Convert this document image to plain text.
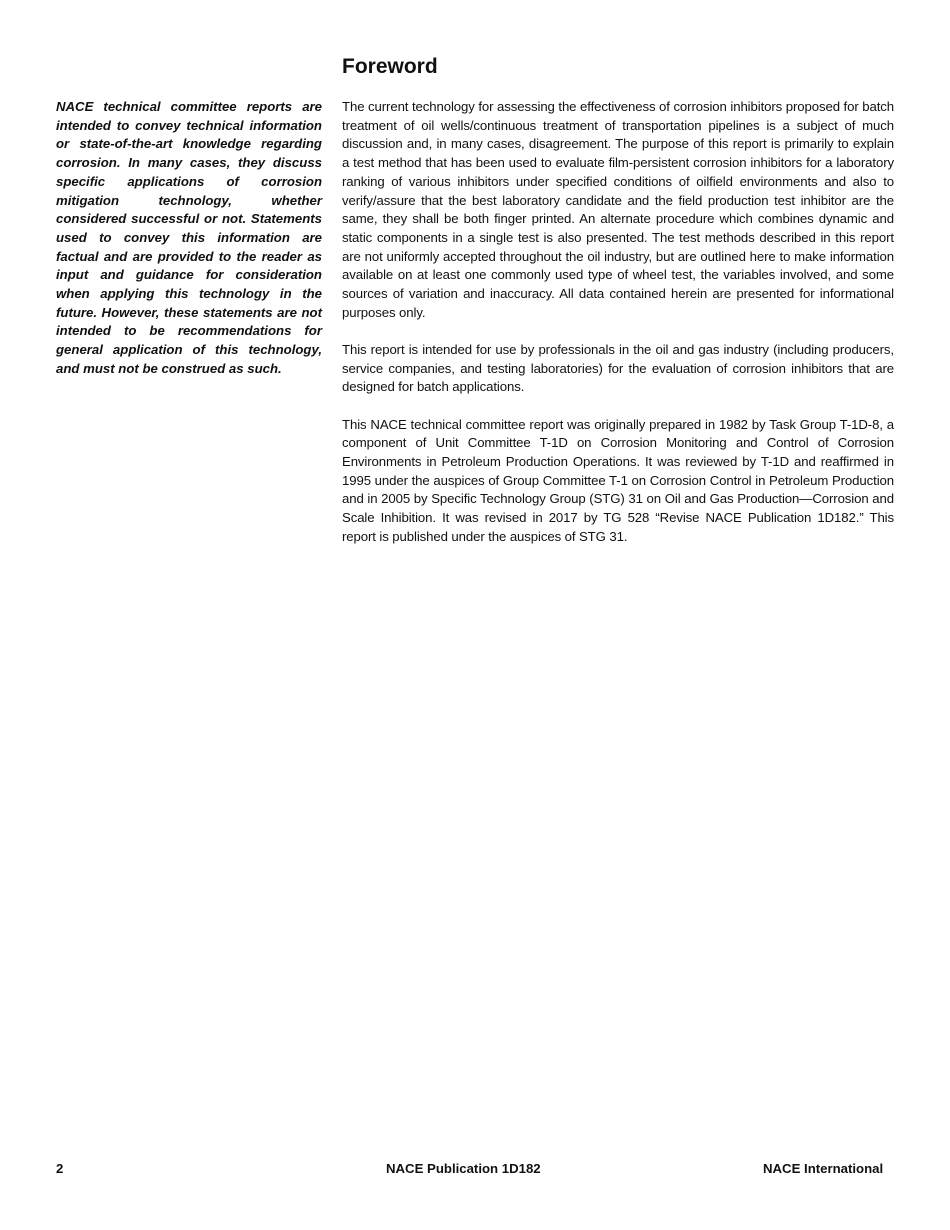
NACE technical committee reports are intended to convey technical information or state-of-the-art knowledge regarding corrosion. In many cases, they discuss specific applications of corrosion mitigation technology, whether considered successful or not. Statements used to convey this information are factual and are provided to the reader as input and guidance for consideration when applying this technology in the future. However, these statements are not intended to be recommendations for general application of this technology, and must not be construed as such.

Foreword

The current technology for assessing the effectiveness of corrosion inhibitors proposed for batch treatment of oil wells/continuous treatment of transportation pipelines is a subject of much discussion and, in many cases, disagreement. The purpose of this report is primarily to explain a test method that has been used to evaluate film-persistent corrosion inhibitors for a laboratory ranking of various inhibitors under specified conditions of oilfield environments and also to verify/assure that the best laboratory candidate and the field production test inhibitor are the same, they shall be both finger printed. An alternate procedure which combines dynamic and static components in a single test is also presented. The test methods described in this report are not uniformly accepted throughout the oil industry, but are outlined here to make information available on at least one commonly used type of wheel test, the variables involved, and some sources of variation and inaccuracy. All data contained herein are presented for informational purposes only.

This report is intended for use by professionals in the oil and gas industry (including producers, service companies, and testing laboratories) for the evaluation of corrosion inhibitors that are designed for batch applications.

This NACE technical committee report was originally prepared in 1982 by Task Group T-1D-8, a component of Unit Committee T-1D on Corrosion Monitoring and Control of Corrosion Environments in Petroleum Production Operations. It was reviewed by T-1D and reaffirmed in 1995 under the auspices of Group Committee T-1 on Corrosion Control in Petroleum Production and in 2005 by Specific Technology Group (STG) 31 on Oil and Gas Production—Corrosion and Scale Inhibition. It was revised in 2017 by TG 528 “Revise NACE Publication 1D182.” This report is published under the auspices of STG 31.

2	NACE Publication 1D182	NACE International
